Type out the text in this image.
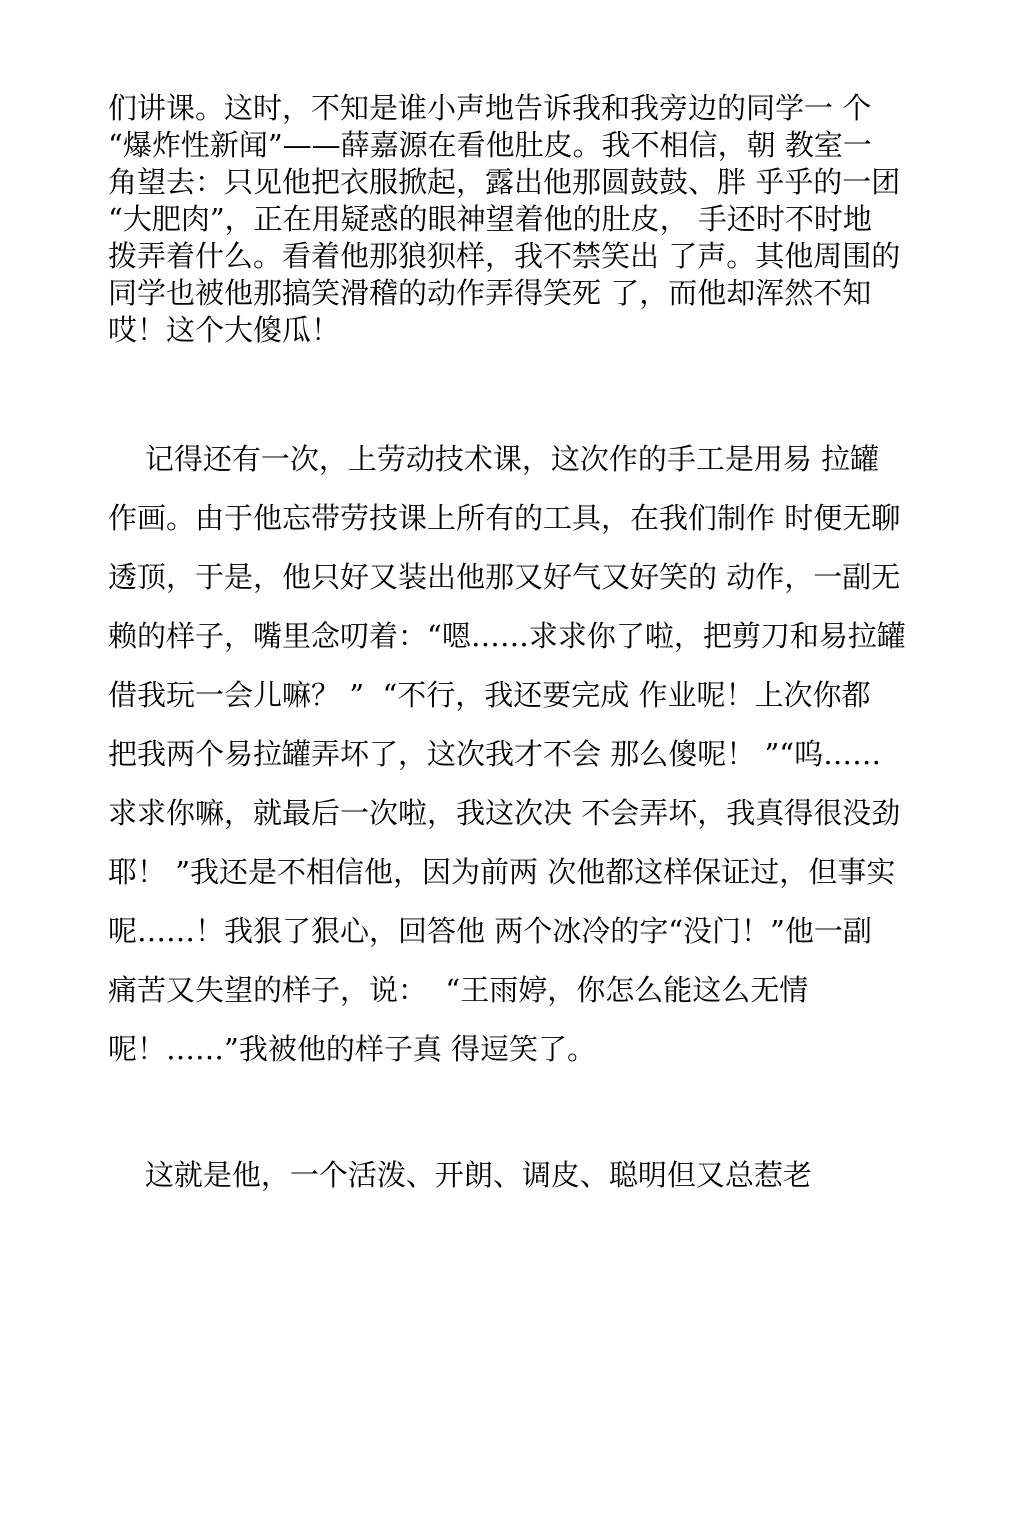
们讲课。这时，不知是谁小声地告诉我和我旁边的同学一 个
“爆炸性新闻”——薛嘉源在看他肚皮。我不相信，朝 教室一
角望去：只见他把衣服掀起，露出他那圆鼓鼓、胖 乎乎的一团
“大肥肉”，正在用疑惑的眼神望着他的肚皮， 手还时不时地
拨弄着什么。看着他那狼狈样，我不禁笑出 了声。其他周围的
同学也被他那搞笑滑稽的动作弄得笑死 了，而他却浑然不知
哎！这个大傻瓜！
记得还有一次，上劳动技术课，这次作的手工是用易 拉罐
作画。由于他忘带劳技课上所有的工具，在我们制作 时便无聊
透顶，于是，他只好又装出他那又好气又好笑的 动作，一副无
赖的样子，嘴里念叨着：“嗯……求求你了啦，把剪刀和易拉罐
借我玩一会儿嘛？ ”  “不行，我还要完成 作业呢！上次你都
把我两个易拉罐弄坏了，这次我才不会 那么傻呢！ ”“呜……
求求你嘛，就最后一次啦，我这次决 不会弄坏，我真得很没劲
耶！ ”我还是不相信他，因为前两 次他都这样保证过，但事实
呢……！我狠了狠心，回答他 两个冰冷的字“没门！”他一副
痛苦又失望的样子，说：  “王雨婷，你怎么能这么无情
呢！……”我被他的样子真 得逗笑了。
这就是他，一个活泼、开朗、调皮、聪明但又总惹老
